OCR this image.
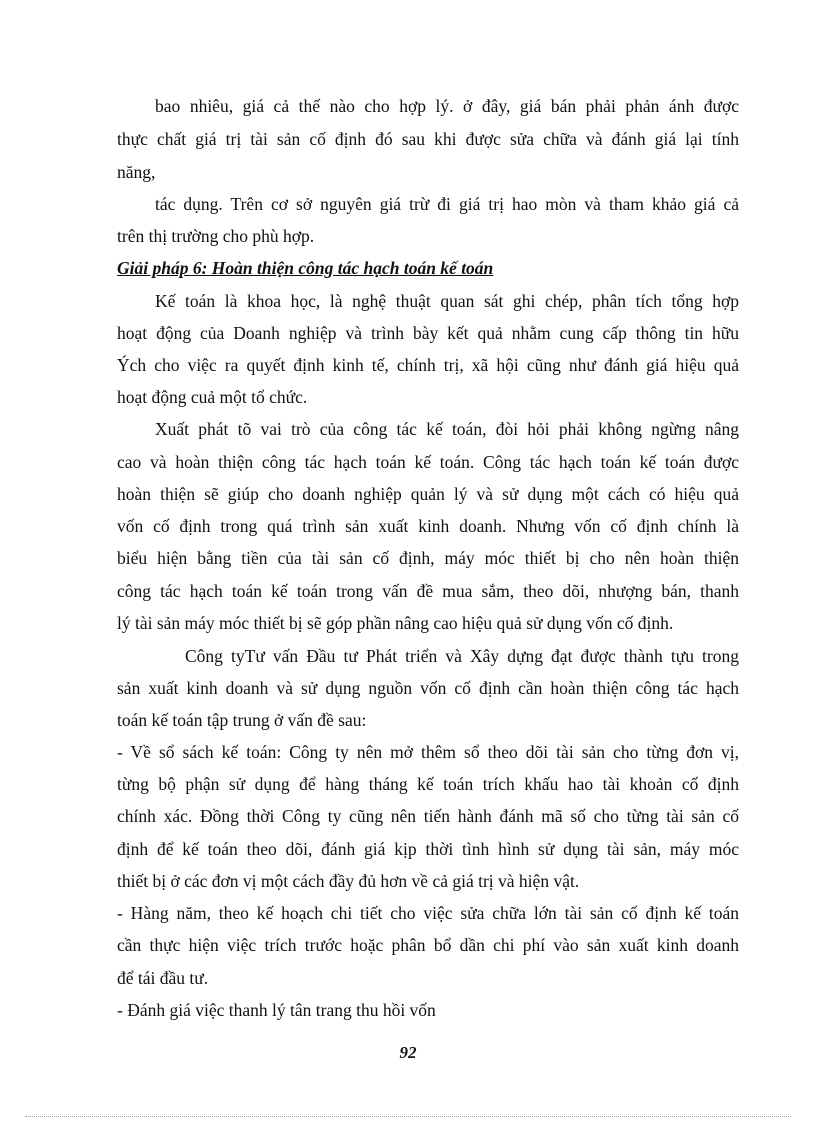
bao nhiêu, giá cả thế nào cho hợp lý. ở đây, giá bán phải phản ánh được
thực chất giá trị tài sản cố định đó sau khi được sửa chữa và đánh giá lại tính
năng,
tác dụng. Trên cơ sở nguyên giá trừ đi giá trị hao mòn và tham khảo giá cả
trên thị trường cho phù hợp.
Giải pháp 6: Hoàn thiện công tác hạch toán kế toán
Kế toán là khoa học, là nghệ thuật quan sát ghi chép, phân tích tổng hợp
hoạt động của Doanh nghiệp và trình bày kết quả nhằm cung cấp thông tin hữu
Ých cho việc ra quyết định kinh tế, chính trị, xã hội cũng như đánh giá hiệu quả
hoạt động cuả một tổ chức.
Xuất phát tõ vai trò của công tác kế toán, đòi hỏi phải không ngừng nâng
cao và hoàn thiện công tác hạch toán kế toán. Công tác hạch toán kế toán được
hoàn thiện sẽ giúp cho doanh nghiệp quản lý và sử dụng một cách có hiệu quả
vốn cố định trong quá trình sản xuất kinh doanh. Nhưng vốn cố định chính là
biểu hiện bằng tiền của tài sản cố định, máy móc thiết bị cho nên hoàn thiện
công tác hạch toán kế toán trong vấn đề mua sắm, theo dõi, nhượng bán, thanh
lý tài sản máy móc thiết bị sẽ góp phần nâng cao hiệu quả sử dụng vốn cố định.
Công tyTư vấn Đầu tư Phát triển và Xây dựng đạt được thành tựu trong
sản xuất kinh doanh và sử dụng nguồn vốn cố định cần hoàn thiện công tác hạch
toán kế toán tập trung ở vấn đề sau:
- Về sổ sách kế toán: Công ty nên mở thêm sổ theo dõi tài sản cho từng đơn vị,
từng bộ phận sử dụng để hàng tháng kế toán trích khấu hao tài khoản cố định
chính xác. Đồng thời Công ty cũng nên tiến hành đánh mã số cho từng tài sản cố
định để kế toán theo dõi, đánh giá kịp thời tình hình sử dụng tài sản, máy móc
thiết bị ở các đơn vị một cách đầy đủ hơn về cả giá trị và hiện vật.
- Hàng năm, theo kế hoạch chi tiết cho việc sửa chữa lớn tài sản cố định kế toán
cần thực hiện việc trích trước hoặc phân bổ dần chi phí vào sản xuất kinh doanh
để tái đầu tư.
- Đánh giá việc thanh lý tân trang thu hồi vốn
92
